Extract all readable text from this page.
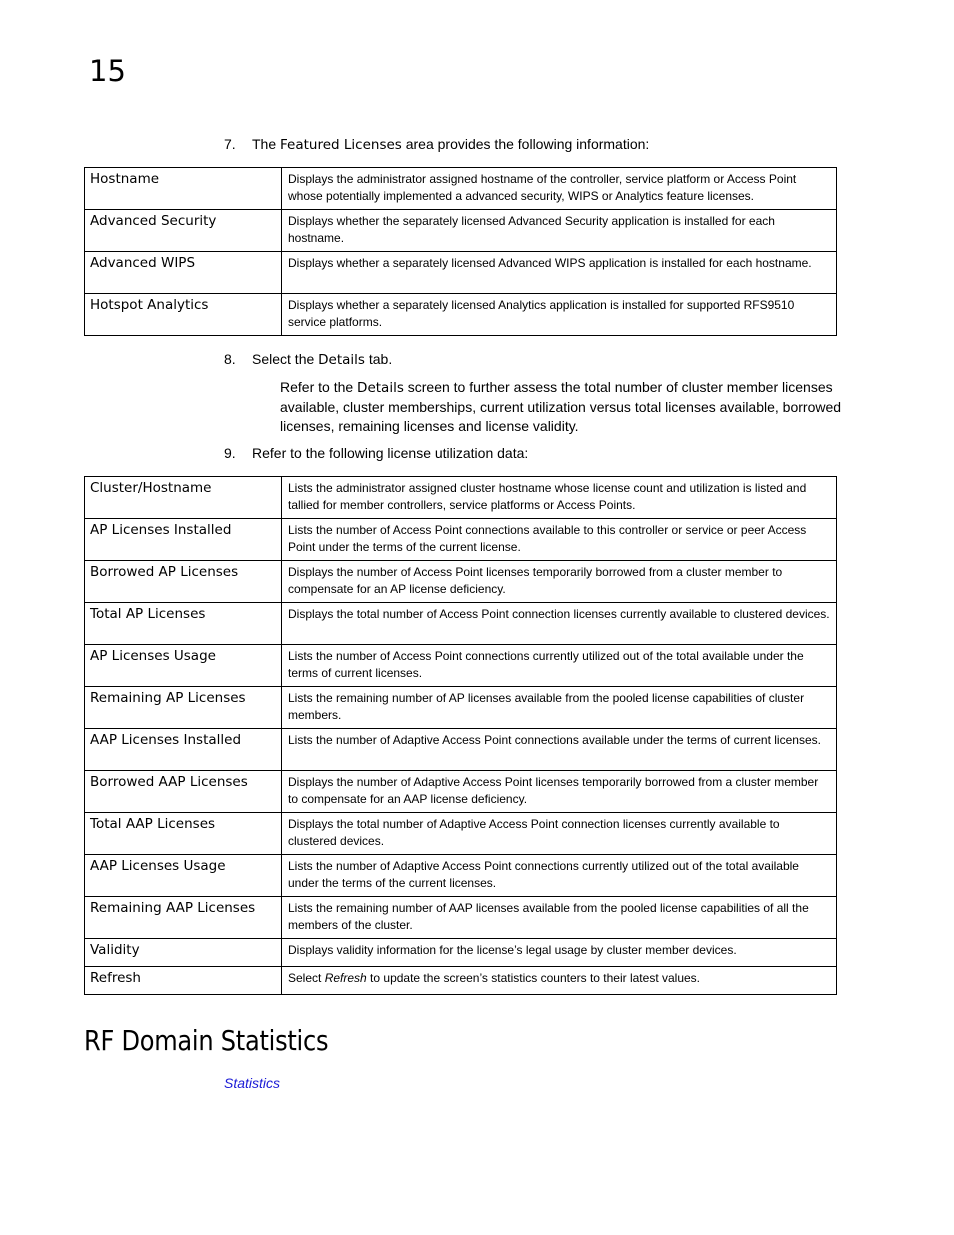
15
7. The Featured Licenses area provides the following information:
Hostname	Displays the administrator assigned hostname of the controller, service platform or Access Point whose potentially implemented a advanced security, WIPS or Analytics feature licenses.
Advanced Security	Displays whether the separately licensed Advanced Security application is installed for each hostname.
Advanced WIPS	Displays whether a separately licensed Advanced WIPS application is installed for each hostname.
Hotspot Analytics	Displays whether a separately licensed Analytics application is installed for supported RFS9510 service platforms.
8. Select the Details tab.
Refer to the Details screen to further assess the total number of cluster member licenses available, cluster memberships, current utilization versus total licenses available, borrowed licenses, remaining licenses and license validity.
9. Refer to the following license utilization data:
Cluster/Hostname	Lists the administrator assigned cluster hostname whose license count and utilization is listed and tallied for member controllers, service platforms or Access Points.
AP Licenses Installed	Lists the number of Access Point connections available to this controller or service or peer Access Point under the terms of the current license.
Borrowed AP Licenses	Displays the number of Access Point licenses temporarily borrowed from a cluster member to compensate for an AP license deficiency.
Total AP Licenses	Displays the total number of Access Point connection licenses currently available to clustered devices.
AP Licenses Usage	Lists the number of Access Point connections currently utilized out of the total available under the terms of current licenses.
Remaining AP Licenses	Lists the remaining number of AP licenses available from the pooled license capabilities of cluster members.
AAP Licenses Installed	Lists the number of Adaptive Access Point connections available under the terms of current licenses.
Borrowed AAP Licenses	Displays the number of Adaptive Access Point licenses temporarily borrowed from a cluster member to compensate for an AAP license deficiency.
Total AAP Licenses	Displays the total number of Adaptive Access Point connection licenses currently available to clustered devices.
AAP Licenses Usage	Lists the number of Adaptive Access Point connections currently utilized out of the total available under the terms of the current licenses.
Remaining AAP Licenses	Lists the remaining number of AAP licenses available from the pooled license capabilities of all the members of the cluster.
Validity	Displays validity information for the license’s legal usage by cluster member devices.
Refresh	Select Refresh to update the screen’s statistics counters to their latest values.
RF Domain Statistics
Statistics
